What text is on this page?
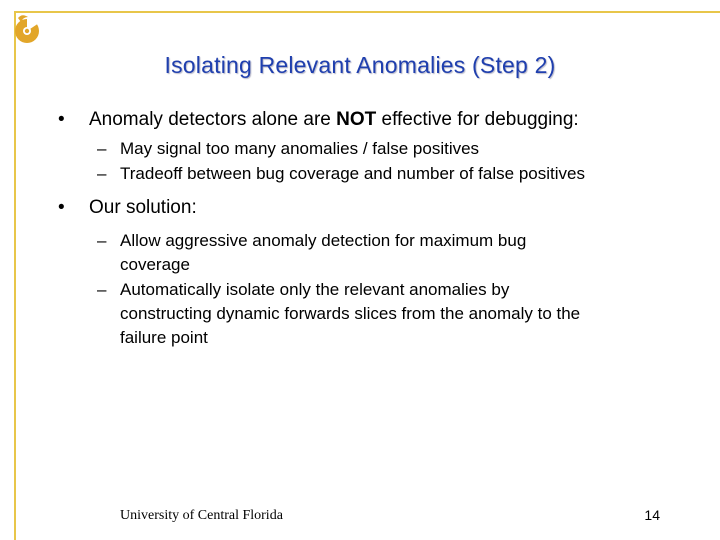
Isolating Relevant Anomalies (Step 2)
• Anomaly detectors alone are NOT effective for debugging:
– May signal too many anomalies / false positives
– Tradeoff between bug coverage and number of false positives
• Our solution:
– Allow aggressive anomaly detection for maximum bug
coverage
– Automatically isolate only the relevant anomalies by
constructing dynamic forwards slices from the anomaly to the
failure point
University of Central Florida	14
